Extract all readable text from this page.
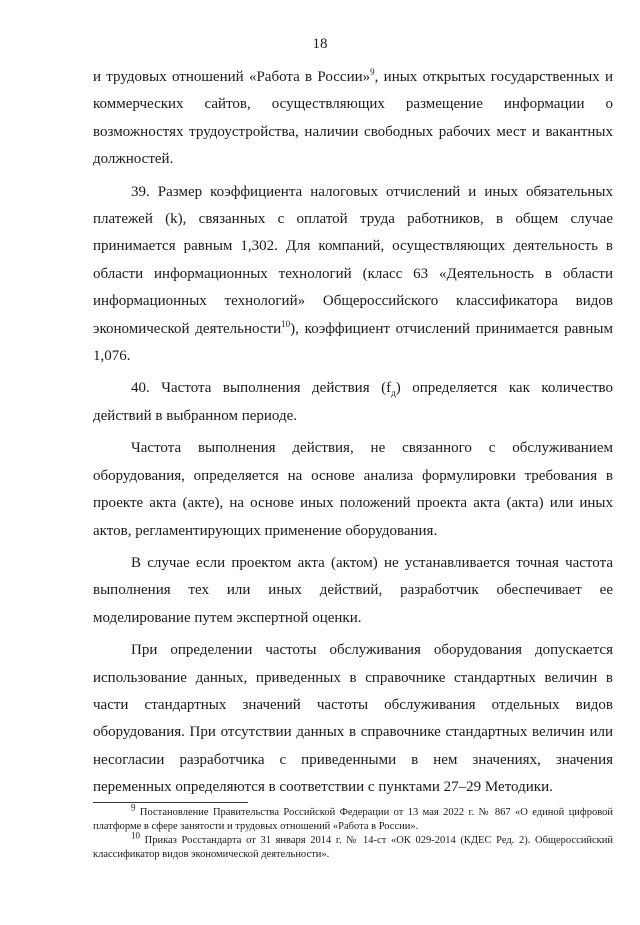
18

и трудовых отношений «Работа в России»$^9$, иных открытых государственных и коммерческих сайтов, осуществляющих размещение информации о возможностях трудоустройства, наличии свободных рабочих мест и вакантных должностей.

39. Размер коэффициента налоговых отчислений и иных обязательных платежей (k), связанных с оплатой труда работников, в общем случае принимается равным 1,302. Для компаний, осуществляющих деятельность в области информационных технологий (класс 63 «Деятельность в области информационных технологий» Общероссийского классификатора видов экономической деятельности$^{10}$), коэффициент отчислений принимается равным 1,076.

40. Частота выполнения действия $(f_д)$ определяется как количество действий в выбранном периоде.

Частота выполнения действия, не связанного с обслуживанием оборудования, определяется на основе анализа формулировки требования в проекте акта (акте), на основе иных положений проекта акта (акта) или иных актов, регламентирующих применение оборудования.

В случае если проектом акта (актом) не устанавливается точная частота выполнения тех или иных действий, разработчик обеспечивает ее моделирование путем экспертной оценки.

При определении частоты обслуживания оборудования допускается использование данных, приведенных в справочнике стандартных величин в части стандартных значений частоты обслуживания отдельных видов оборудования. При отсутствии данных в справочнике стандартных величин или несогласии разработчика с приведенными в нем значениях, значения переменных определяются в соответствии с пунктами 27–29 Методики.

$^9$ Постановление Правительства Российской Федерации от 13 мая 2022 г. № 867 «О единой цифровой платформе в сфере занятости и трудовых отношений «Работа в России».

$^{10}$ Приказ Росстандарта от 31 января 2014 г. № 14-ст «ОК 029-2014 (КДЕС Ред. 2). Общероссийский классификатор видов экономической деятельности».
